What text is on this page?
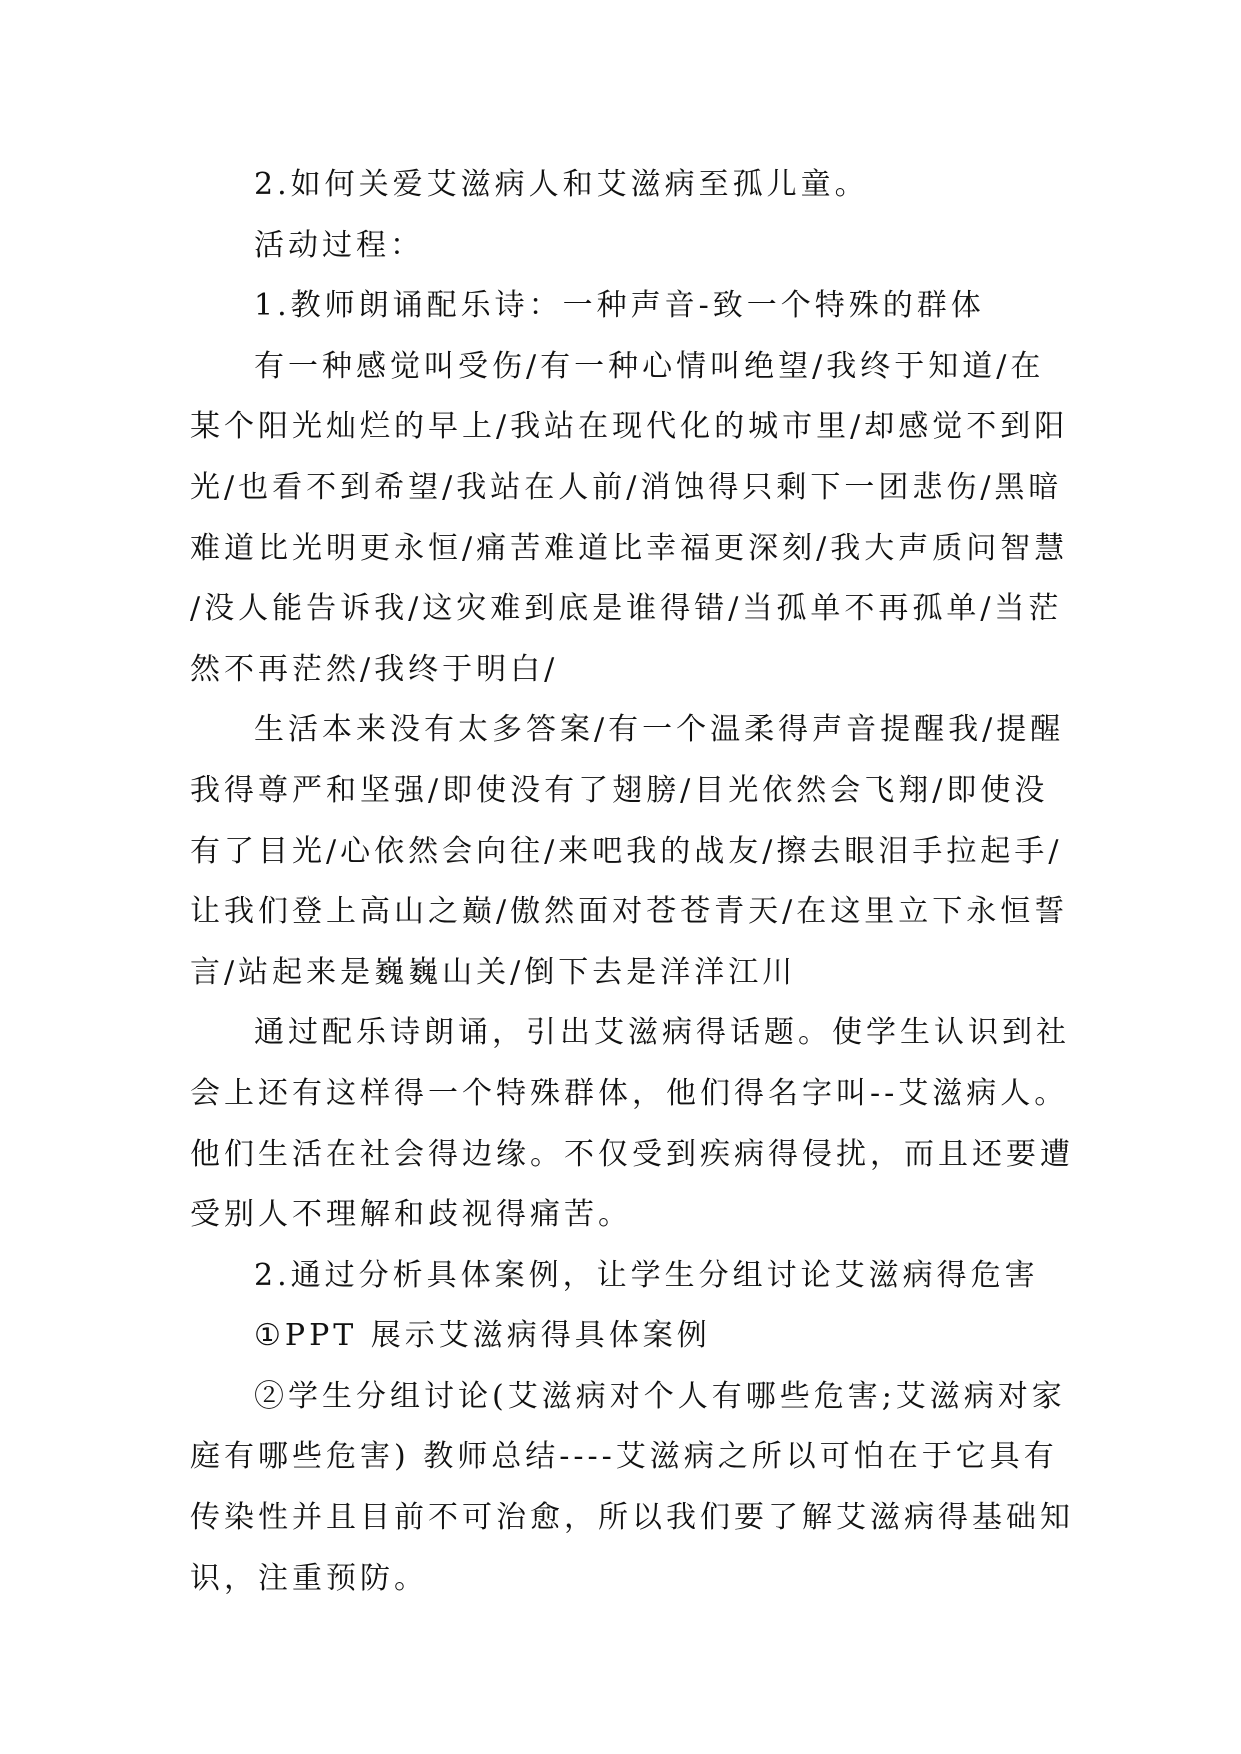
2.如何关爱艾滋病人和艾滋病至孤儿童。

活动过程：

1.教师朗诵配乐诗：一种声音-致一个特殊的群体

有一种感觉叫受伤/有一种心情叫绝望/我终于知道/在
某个阳光灿烂的早上/我站在现代化的城市里/却感觉不到阳
光/也看不到希望/我站在人前/消蚀得只剩下一团悲伤/黑暗
难道比光明更永恒/痛苦难道比幸福更深刻/我大声质问智慧
/没人能告诉我/这灾难到底是谁得错/当孤单不再孤单/当茫
然不再茫然/我终于明白/

生活本来没有太多答案/有一个温柔得声音提醒我/提醒
我得尊严和坚强/即使没有了翅膀/目光依然会飞翔/即使没
有了目光/心依然会向往/来吧我的战友/擦去眼泪手拉起手/
让我们登上高山之巅/傲然面对苍苍青天/在这里立下永恒誓
言/站起来是巍巍山关/倒下去是洋洋江川

通过配乐诗朗诵，引出艾滋病得话题。使学生认识到社
会上还有这样得一个特殊群体，他们得名字叫--艾滋病人。
他们生活在社会得边缘。不仅受到疾病得侵扰，而且还要遭
受别人不理解和歧视得痛苦。

2.通过分析具体案例，让学生分组讨论艾滋病得危害

①PPT 展示艾滋病得具体案例

②学生分组讨论(艾滋病对个人有哪些危害;艾滋病对家
庭有哪些危害) 教师总结----艾滋病之所以可怕在于它具有
传染性并且目前不可治愈，所以我们要了解艾滋病得基础知
识，注重预防。
